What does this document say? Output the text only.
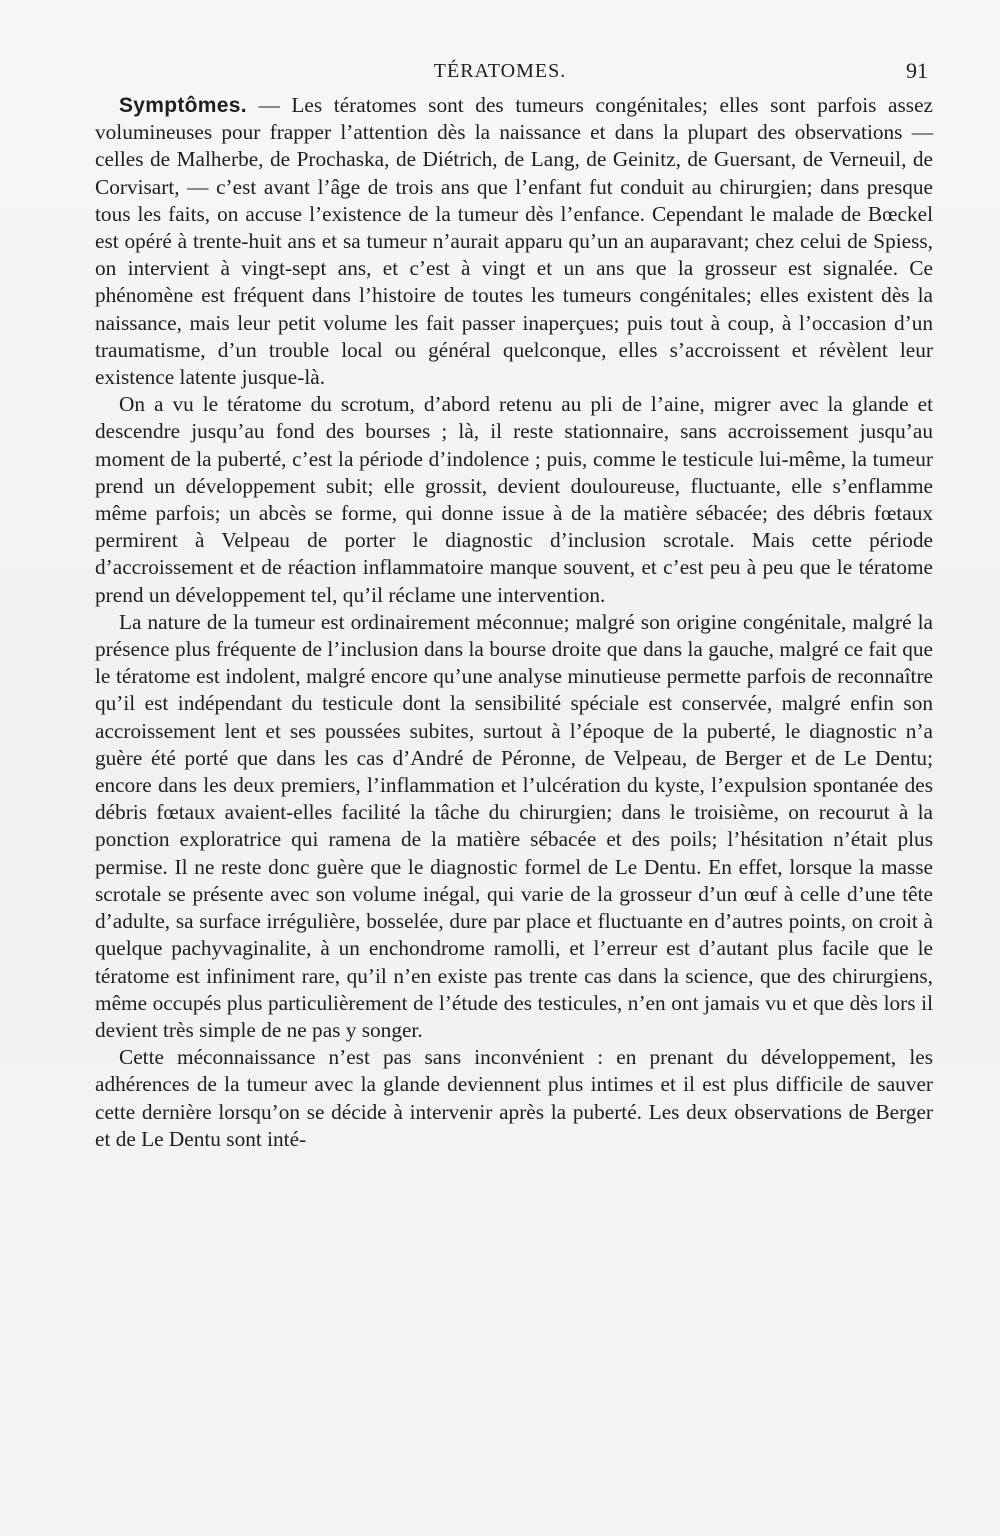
TÉRATOMES.	91

Symptômes. — Les tératomes sont des tumeurs congénitales; elles sont parfois assez volumineuses pour frapper l’attention dès la naissance et dans la plupart des observations — celles de Malherbe, de Prochaska, de Diétrich, de Lang, de Geinitz, de Guersant, de Verneuil, de Corvisart, — c’est avant l’âge de trois ans que l’enfant fut conduit au chirurgien; dans presque tous les faits, on accuse l’existence de la tumeur dès l’enfance. Cependant le malade de Bœckel est opéré à trente-huit ans et sa tumeur n’aurait apparu qu’un an auparavant; chez celui de Spiess, on intervient à vingt-sept ans, et c’est à vingt et un ans que la grosseur est signalée. Ce phénomène est fréquent dans l’histoire de toutes les tumeurs congénitales; elles existent dès la naissance, mais leur petit volume les fait passer inaperçues; puis tout à coup, à l’occasion d’un traumatisme, d’un trouble local ou général quelconque, elles s’accroissent et révèlent leur existence latente jusque-là.

On a vu le tératome du scrotum, d’abord retenu au pli de l’aine, migrer avec la glande et descendre jusqu’au fond des bourses ; là, il reste stationnaire, sans accroissement jusqu’au moment de la puberté, c’est la période d’indolence ; puis, comme le testicule lui-même, la tumeur prend un développement subit; elle grossit, devient douloureuse, fluctuante, elle s’enflamme même parfois; un abcès se forme, qui donne issue à de la matière sébacée; des débris fœtaux permirent à Velpeau de porter le diagnostic d’inclusion scrotale. Mais cette période d’accroissement et de réaction inflammatoire manque souvent, et c’est peu à peu que le tératome prend un développement tel, qu’il réclame une intervention.

La nature de la tumeur est ordinairement méconnue; malgré son origine congénitale, malgré la présence plus fréquente de l’inclusion dans la bourse droite que dans la gauche, malgré ce fait que le tératome est indolent, malgré encore qu’une analyse minutieuse permette parfois de reconnaître qu’il est indépendant du testicule dont la sensibilité spéciale est conservée, malgré enfin son accroissement lent et ses poussées subites, surtout à l’époque de la puberté, le diagnostic n’a guère été porté que dans les cas d’André de Péronne, de Velpeau, de Berger et de Le Dentu; encore dans les deux premiers, l’inflammation et l’ulcération du kyste, l’expulsion spontanée des débris fœtaux avaient-elles facilité la tâche du chirurgien; dans le troisième, on recourut à la ponction exploratrice qui ramena de la matière sébacée et des poils; l’hésitation n’était plus permise. Il ne reste donc guère que le diagnostic formel de Le Dentu. En effet, lorsque la masse scrotale se présente avec son volume inégal, qui varie de la grosseur d’un œuf à celle d’une tête d’adulte, sa surface irrégulière, bosselée, dure par place et fluctuante en d’autres points, on croit à quelque pachyvaginalite, à un enchondrome ramolli, et l’erreur est d’autant plus facile que le tératome est infiniment rare, qu’il n’en existe pas trente cas dans la science, que des chirurgiens, même occupés plus particulièrement de l’étude des testicules, n’en ont jamais vu et que dès lors il devient très simple de ne pas y songer.

Cette méconnaissance n’est pas sans inconvénient : en prenant du développement, les adhérences de la tumeur avec la glande deviennent plus intimes et il est plus difficile de sauver cette dernière lorsqu’on se décide à intervenir après la puberté. Les deux observations de Berger et de Le Dentu sont inté-
